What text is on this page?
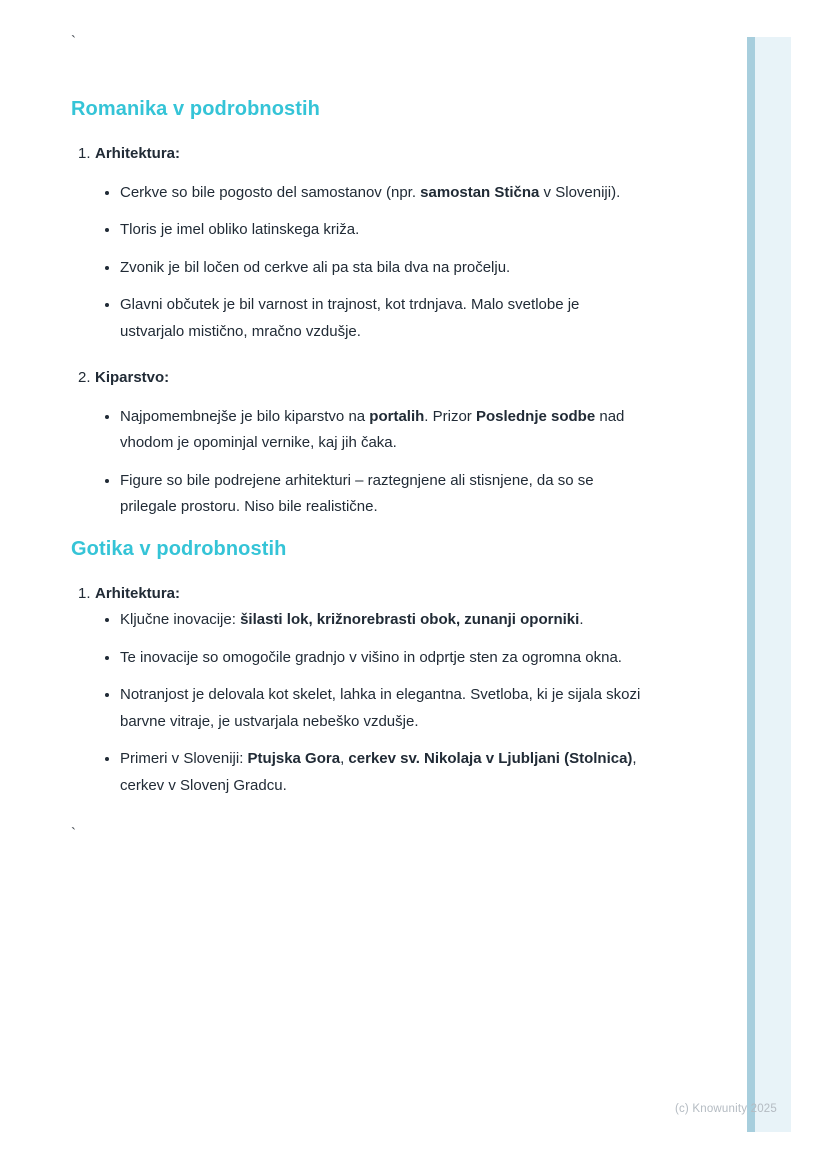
`
Romanika v podrobnostih
1. Arhitektura:
• Cerkve so bile pogosto del samostanov (npr. samostan Stična v Sloveniji).
• Tloris je imel obliko latinskega križa.
• Zvonik je bil ločen od cerkve ali pa sta bila dva na pročelju.
• Glavni občutek je bil varnost in trajnost, kot trdnjava. Malo svetlobe je ustvarjalo mistično, mračno vzdušje.
2. Kiparstvo:
• Najpomembnejše je bilo kiparstvo na portalih. Prizor Poslednje sodbe nad vhodom je opominjal vernike, kaj jih čaka.
• Figure so bile podrejene arhitekturi – raztegnjene ali stisnjene, da so se prilegale prostoru. Niso bile realistične.
Gotika v podrobnostih
1. Arhitektura:
• Ključne inovacije: šilasti lok, križnorebrasti obok, zunanji oporniki.
• Te inovacije so omogočile gradnjo v višino in odprtje sten za ogromna okna.
• Notranjost je delovala kot skelet, lahka in elegantna. Svetloba, ki je sijala skozi barvne vitraje, je ustvarjala nebeško vzdušje.
• Primeri v Sloveniji: Ptujska Gora, cerkev sv. Nikolaja v Ljubljani (Stolnica), cerkev v Slovenj Gradcu.
`
(c) Knowunity 2025
